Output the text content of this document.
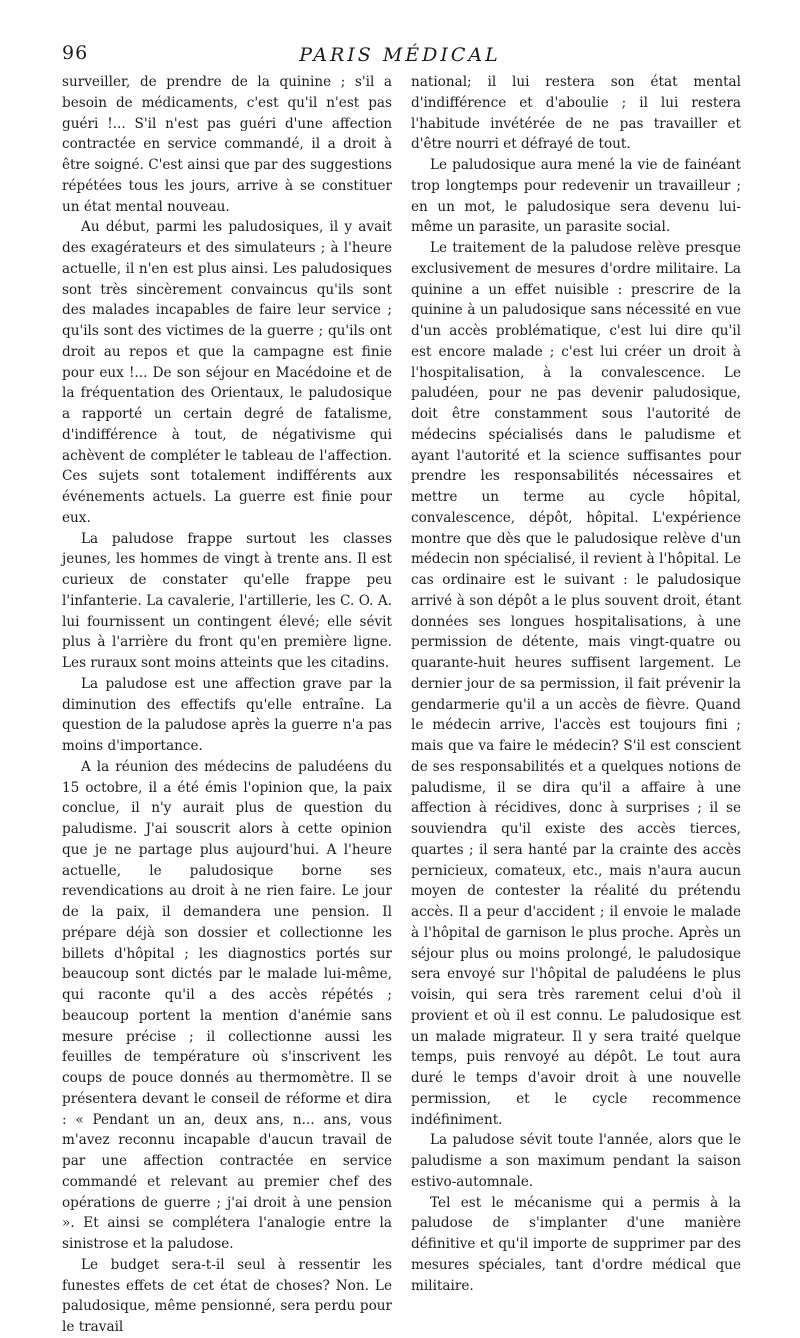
96	PARIS MÉDICAL

surveiller, de prendre de la quinine ; s'il a besoin de médicaments, c'est qu'il n'est pas guéri !... S'il n'est pas guéri d'une affection contractée en service commandé, il a droit à être soigné. C'est ainsi que par des suggestions répétées tous les jours, arrive à se constituer un état mental nouveau.

Au début, parmi les paludosiques, il y avait des exagérateurs et des simulateurs ; à l'heure actuelle, il n'en est plus ainsi. Les paludosiques sont très sincèrement convaincus qu'ils sont des malades incapables de faire leur service ; qu'ils sont des victimes de la guerre ; qu'ils ont droit au repos et que la campagne est finie pour eux !... De son séjour en Macédoine et de la fréquentation des Orientaux, le paludosique a rapporté un certain degré de fatalisme, d'indifférence à tout, de négativisme qui achèvent de compléter le tableau de l'affection. Ces sujets sont totalement indifférents aux événements actuels. La guerre est finie pour eux.

La paludose frappe surtout les classes jeunes, les hommes de vingt à trente ans. Il est curieux de constater qu'elle frappe peu l'infanterie. La cavalerie, l'artillerie, les C. O. A. lui fournissent un contingent élevé; elle sévit plus à l'arrière du front qu'en première ligne. Les ruraux sont moins atteints que les citadins.

La paludose est une affection grave par la diminution des effectifs qu'elle entraîne. La question de la paludose après la guerre n'a pas moins d'importance.

A la réunion des médecins de paludéens du 15 octobre, il a été émis l'opinion que, la paix conclue, il n'y aurait plus de question du paludisme. J'ai souscrit alors à cette opinion que je ne partage plus aujourd'hui. A l'heure actuelle, le paludosique borne ses revendications au droit à ne rien faire. Le jour de la paix, il demandera une pension. Il prépare déjà son dossier et collectionne les billets d'hôpital ; les diagnostics portés sur beaucoup sont dictés par le malade lui-même, qui raconte qu'il a des accès répétés ; beaucoup portent la mention d'anémie sans mesure précise ; il collectionne aussi les feuilles de température où s'inscrivent les coups de pouce donnés au thermomètre. Il se présentera devant le conseil de réforme et dira : « Pendant un an, deux ans, n... ans, vous m'avez reconnu incapable d'aucun travail de par une affection contractée en service commandé et relevant au premier chef des opérations de guerre ; j'ai droit à une pension ». Et ainsi se complétera l'analogie entre la sinistrose et la paludose.

Le budget sera-t-il seul à ressentir les funestes effets de cet état de choses? Non. Le paludosique, même pensionné, sera perdu pour le travail

national; il lui restera son état mental d'indifférence et d'aboulie ; il lui restera l'habitude invétérée de ne pas travailler et d'être nourri et défrayé de tout.

Le paludosique aura mené la vie de fainéant trop longtemps pour redevenir un travailleur ; en un mot, le paludosique sera devenu lui-même un parasite, un parasite social.

Le traitement de la paludose relève presque exclusivement de mesures d'ordre militaire. La quinine a un effet nuisible : prescrire de la quinine à un paludosique sans nécessité en vue d'un accès problématique, c'est lui dire qu'il est encore malade ; c'est lui créer un droit à l'hospitalisation, à la convalescence. Le paludéen, pour ne pas devenir paludosique, doit être constamment sous l'autorité de médecins spécialisés dans le paludisme et ayant l'autorité et la science suffisantes pour prendre les responsabilités nécessaires et mettre un terme au cycle hôpital, convalescence, dépôt, hôpital. L'expérience montre que dès que le paludosique relève d'un médecin non spécialisé, il revient à l'hôpital. Le cas ordinaire est le suivant : le paludosique arrivé à son dépôt a le plus souvent droit, étant données ses longues hospitalisations, à une permission de détente, mais vingt-quatre ou quarante-huit heures suffisent largement. Le dernier jour de sa permission, il fait prévenir la gendarmerie qu'il a un accès de fièvre. Quand le médecin arrive, l'accès est toujours fini ; mais que va faire le médecin? S'il est conscient de ses responsabilités et a quelques notions de paludisme, il se dira qu'il a affaire à une affection à récidives, donc à surprises ; il se souviendra qu'il existe des accès tierces, quartes ; il sera hanté par la crainte des accès pernicieux, comateux, etc., mais n'aura aucun moyen de contester la réalité du prétendu accès. Il a peur d'accident ; il envoie le malade à l'hôpital de garnison le plus proche. Après un séjour plus ou moins prolongé, le paludosique sera envoyé sur l'hôpital de paludéens le plus voisin, qui sera très rarement celui d'où il provient et où il est connu. Le paludosique est un malade migrateur. Il y sera traité quelque temps, puis renvoyé au dépôt. Le tout aura duré le temps d'avoir droit à une nouvelle permission, et le cycle recommence indéfiniment.

La paludose sévit toute l'année, alors que le paludisme a son maximum pendant la saison estivo-automnale.

Tel est le mécanisme qui a permis à la paludose de s'implanter d'une manière définitive et qu'il importe de supprimer par des mesures spéciales, tant d'ordre médical que militaire.
